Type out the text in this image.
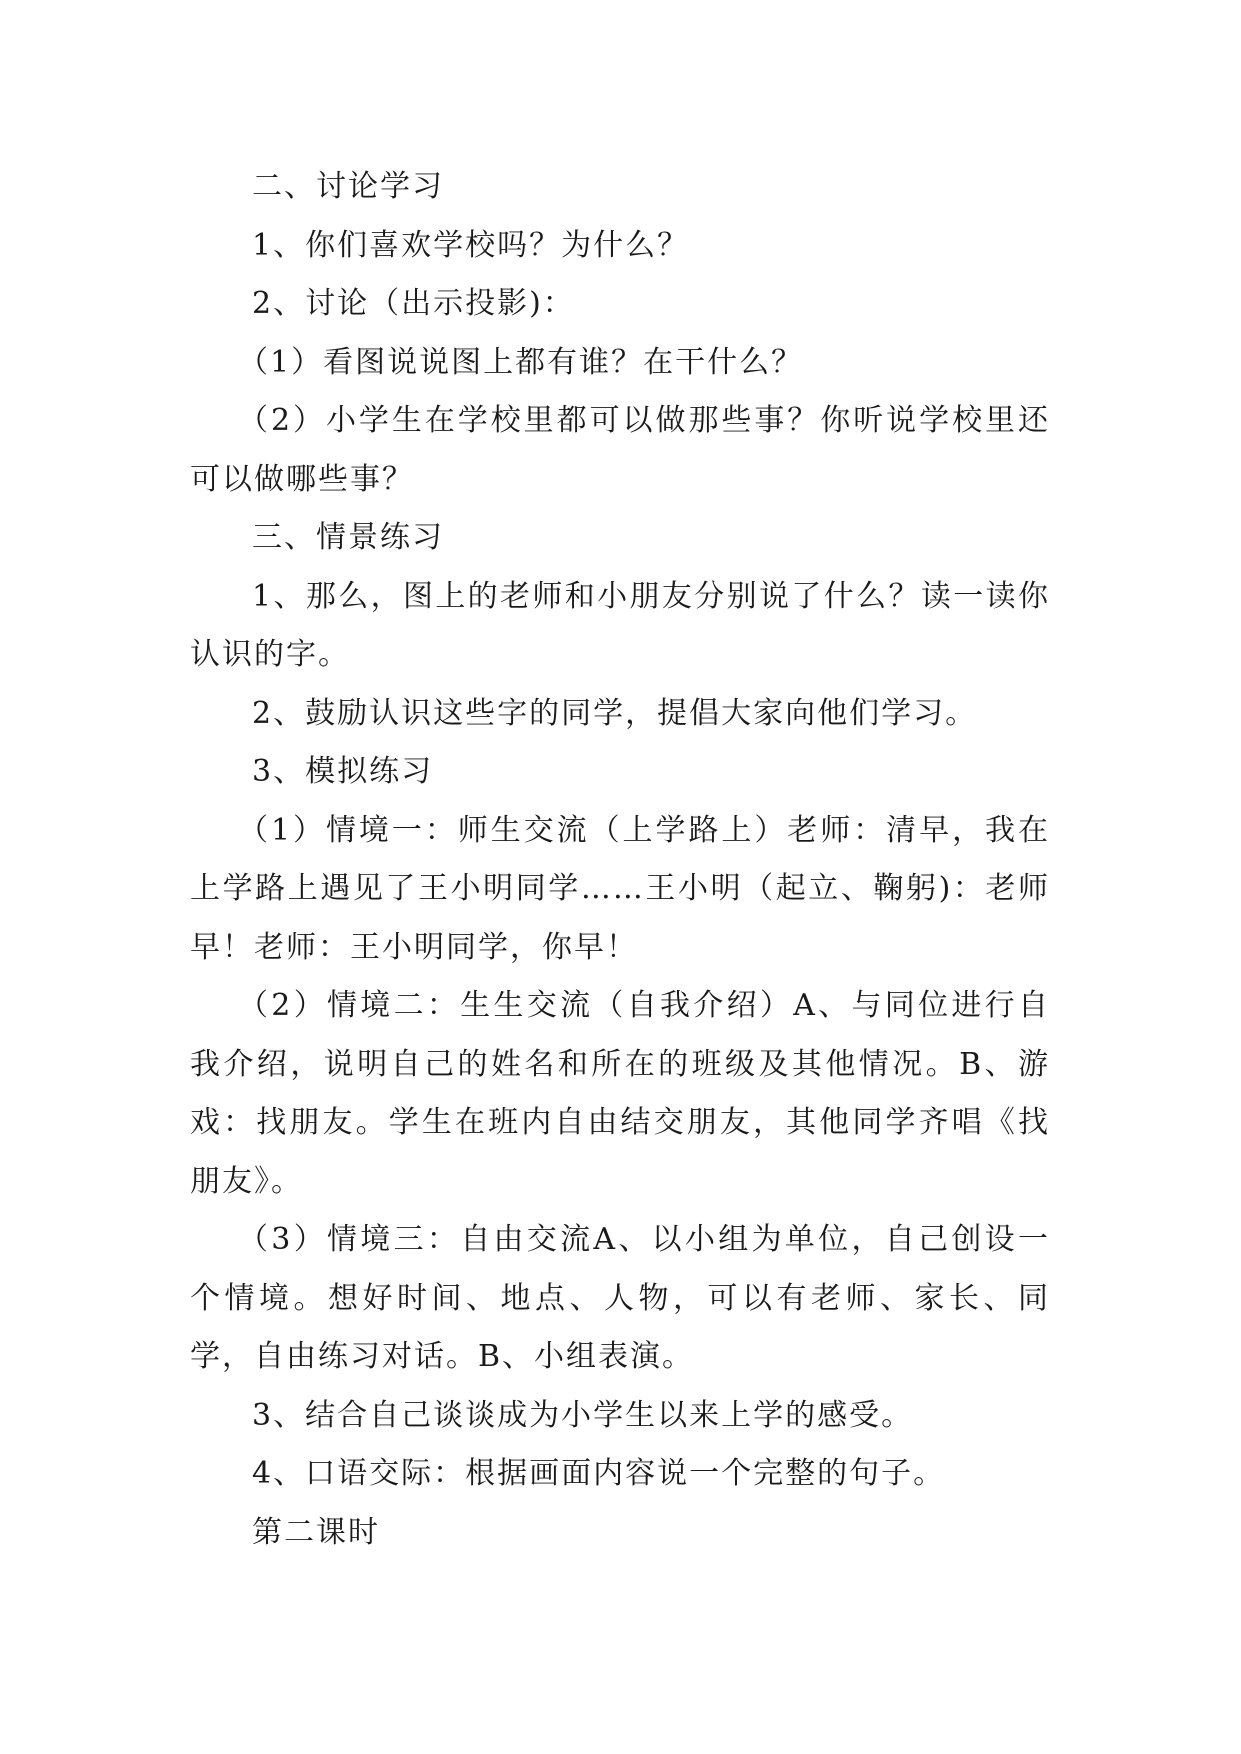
二、讨论学习

1、你们喜欢学校吗？为什么？

2、讨论（出示投影)：

（1）看图说说图上都有谁？在干什么？

（2）小学生在学校里都可以做那些事？你听说学校里还可以做哪些事？

三、情景练习

1、那么，图上的老师和小朋友分别说了什么？读一读你认识的字。

2、鼓励认识这些字的同学，提倡大家向他们学习。

3、模拟练习

（1）情境一：师生交流（上学路上）老师：清早，我在上学路上遇见了王小明同学……王小明（起立、鞠躬)：老师早！老师：王小明同学，你早！

（2）情境二：生生交流（自我介绍）A、与同位进行自我介绍，说明自己的姓名和所在的班级及其他情况。B、游戏：找朋友。学生在班内自由结交朋友，其他同学齐唱《找朋友》。

（3）情境三：自由交流A、以小组为单位，自己创设一个情境。想好时间、地点、人物，可以有老师、家长、同学，自由练习对话。B、小组表演。

3、结合自己谈谈成为小学生以来上学的感受。

4、口语交际：根据画面内容说一个完整的句子。

第二课时
